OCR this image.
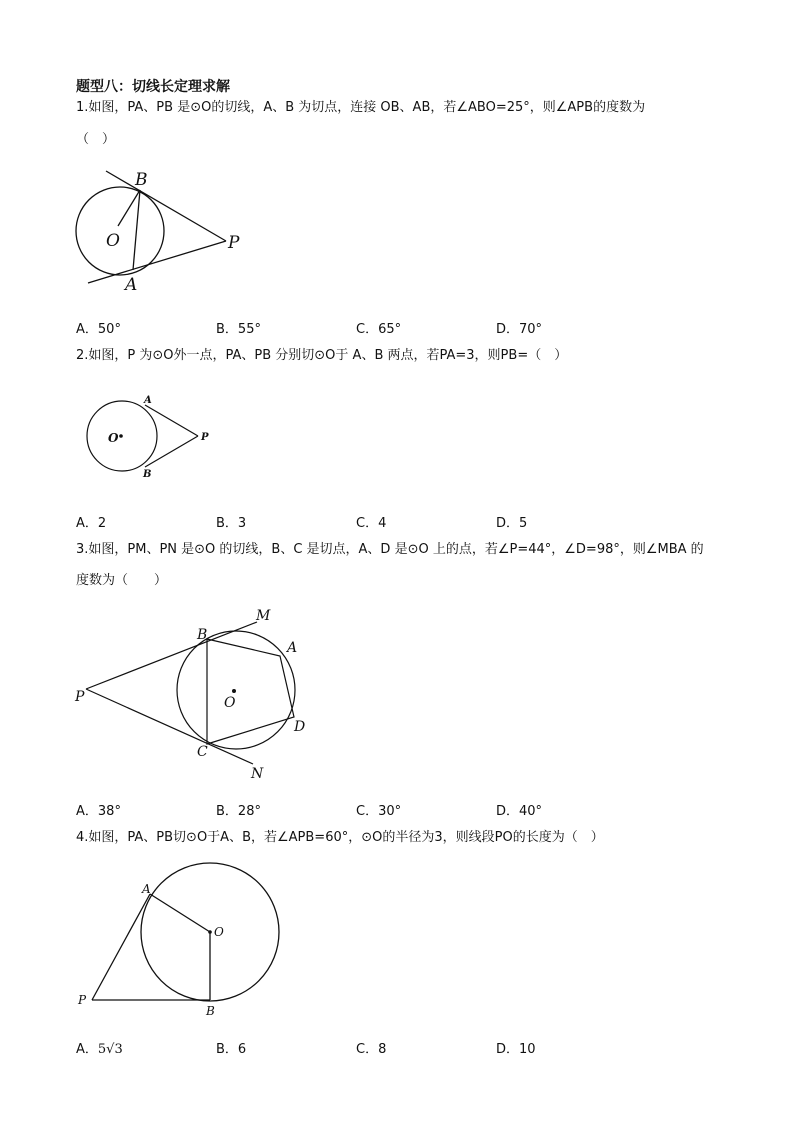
题型八：切线长定理求解
1.如图，PA、PB 是⊙O的切线，A、B 为切点，连接 OB、AB，若∠ABO=25°，则∠APB的度数为
（　）
B
O	P
A
A．50°	B．55°	C．65°	D．70°
2.如图，P 为⊙O外一点，PA、PB 分别切⊙O于 A、B 两点，若PA=3，则PB=（　）
A
O	P
B
A．2	B．3	C．4	D．5
3.如图，PM、PN 是⊙O 的切线，B、C 是切点，A、D 是⊙O 上的点，若∠P=44°，∠D=98°，则∠MBA 的
度数为（　　）
M
B
A
P	O
D
C
N
A．38°	B．28°	C．30°	D．40°
4.如图，PA、PB切⊙O于A、B，若∠APB=60°，⊙O的半径为3，则线段PO的长度为（　）
A
O
P
B
A．5√3	B．6	C．8	D．10
